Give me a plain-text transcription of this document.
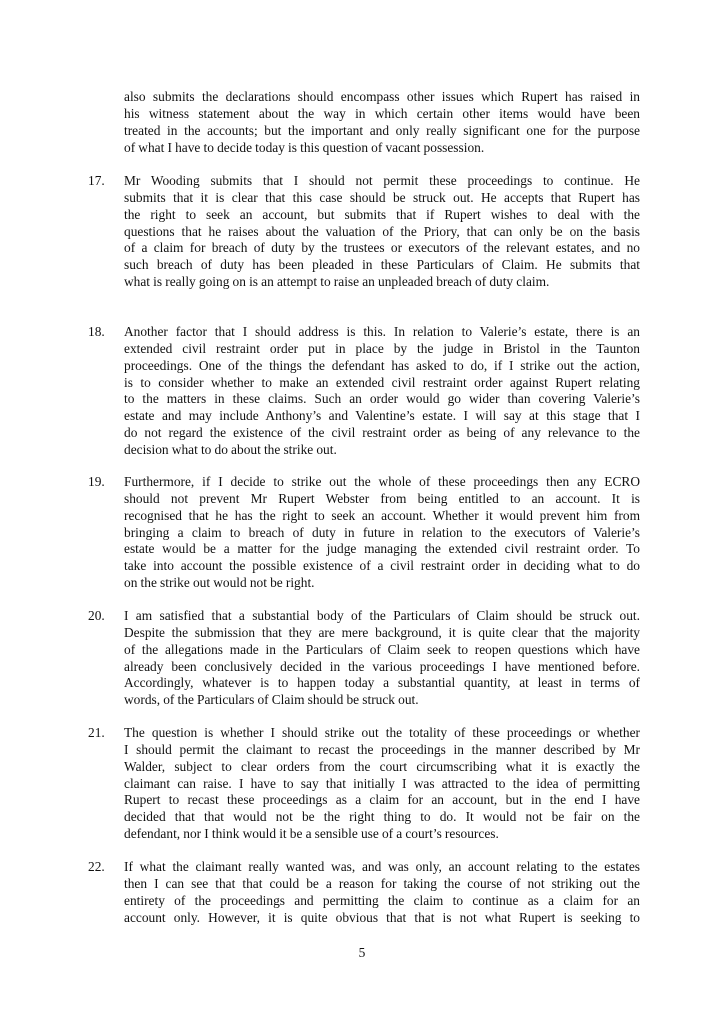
also submits the declarations should encompass other issues which Rupert has raised in
his witness statement about the way in which certain other items would have been
treated in the accounts; but the important and only really significant one for the purpose
of what I have to decide today is this question of vacant possession.
17.	Mr Wooding submits that I should not permit these proceedings to continue. He
submits that it is clear that this case should be struck out. He accepts that Rupert has
the right to seek an account, but submits that if Rupert wishes to deal with the
questions that he raises about the valuation of the Priory, that can only be on the basis
of a claim for breach of duty by the trustees or executors of the relevant estates, and no
such breach of duty has been pleaded in these Particulars of Claim. He submits that
what is really going on is an attempt to raise an unpleaded breach of duty claim.
18.	Another factor that I should address is this. In relation to Valerie’s estate, there is an
extended civil restraint order put in place by the judge in Bristol in the Taunton
proceedings. One of the things the defendant has asked to do, if I strike out the action,
is to consider whether to make an extended civil restraint order against Rupert relating
to the matters in these claims. Such an order would go wider than covering Valerie’s
estate and may include Anthony’s and Valentine’s estate. I will say at this stage that I
do not regard the existence of the civil restraint order as being of any relevance to the
decision what to do about the strike out.
19.	Furthermore, if I decide to strike out the whole of these proceedings then any ECRO
should not prevent Mr Rupert Webster from being entitled to an account. It is
recognised that he has the right to seek an account. Whether it would prevent him from
bringing a claim to breach of duty in future in relation to the executors of Valerie’s
estate would be a matter for the judge managing the extended civil restraint order. To
take into account the possible existence of a civil restraint order in deciding what to do
on the strike out would not be right.
20.	I am satisfied that a substantial body of the Particulars of Claim should be struck out.
Despite the submission that they are mere background, it is quite clear that the majority
of the allegations made in the Particulars of Claim seek to reopen questions which have
already been conclusively decided in the various proceedings I have mentioned before.
Accordingly, whatever is to happen today a substantial quantity, at least in terms of
words, of the Particulars of Claim should be struck out.
21.	The question is whether I should strike out the totality of these proceedings or whether
I should permit the claimant to recast the proceedings in the manner described by Mr
Walder, subject to clear orders from the court circumscribing what it is exactly the
claimant can raise. I have to say that initially I was attracted to the idea of permitting
Rupert to recast these proceedings as a claim for an account, but in the end I have
decided that that would not be the right thing to do. It would not be fair on the
defendant, nor I think would it be a sensible use of a court’s resources.
22.	If what the claimant really wanted was, and was only, an account relating to the estates
then I can see that that could be a reason for taking the course of not striking out the
entirety of the proceedings and permitting the claim to continue as a claim for an
account only. However, it is quite obvious that that is not what Rupert is seeking to
5
